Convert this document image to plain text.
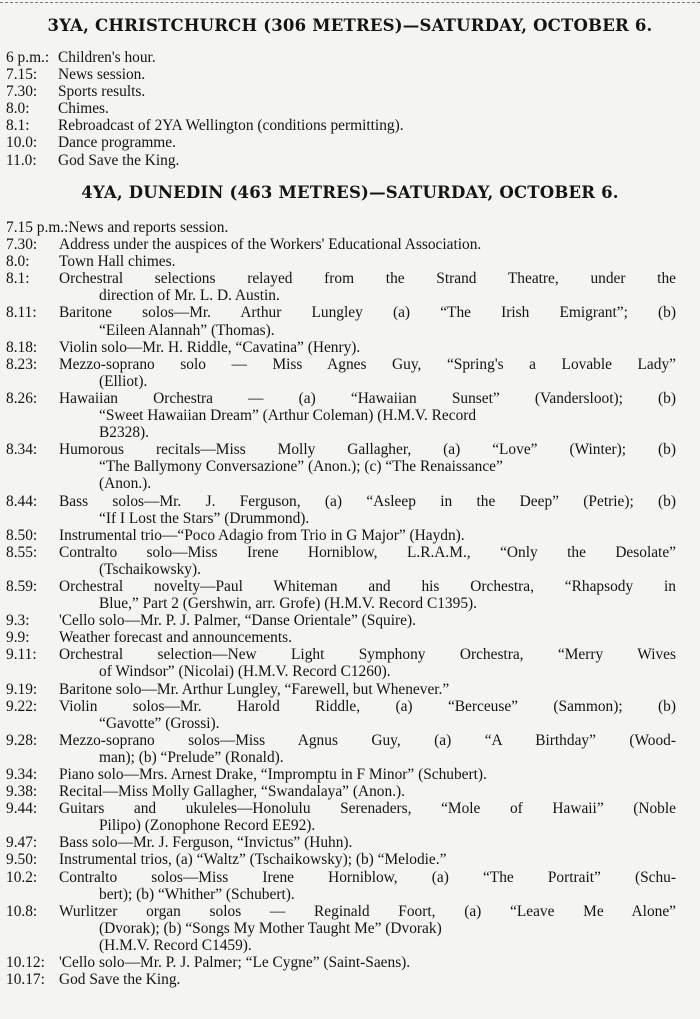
3YA, CHRISTCHURCH (306 METRES)—SATURDAY, OCTOBER 6.
6 p.m.: Children's hour.
7.15:	News session.
7.30:	Sports results.
8.0:	Chimes.
8.1:	Rebroadcast of 2YA Wellington (conditions permitting).
10.0:	Dance programme.
11.0:	God Save the King.
4YA, DUNEDIN (463 METRES)—SATURDAY, OCTOBER 6.
7.15 p.m.: News and reports session.
7.30:	Address under the auspices of the Workers' Educational Association.
8.0:	Town Hall chimes.
8.1:	Orchestral selections relayed from the Strand Theatre, under the
direction of Mr. L. D. Austin.
8.11:	Baritone solos—Mr. Arthur Lungley (a) “The Irish Emigrant”; (b)
“Eileen Alannah” (Thomas).
8.18:	Violin solo—Mr. H. Riddle, “Cavatina” (Henry).
8.23:	Mezzo-soprano solo — Miss Agnes Guy, “Spring's a Lovable Lady”
(Elliot).
8.26:	Hawaiian Orchestra — (a) “Hawaiian Sunset” (Vandersloot); (b)
“Sweet Hawaiian Dream” (Arthur Coleman) (H.M.V. Record
B2328).
8.34:	Humorous recitals—Miss Molly Gallagher, (a) “Love” (Winter); (b)
“The Ballymony Conversazione” (Anon.); (c) “The Renaissance”
(Anon.).
8.44:	Bass solos—Mr. J. Ferguson, (a) “Asleep in the Deep” (Petrie); (b)
“If I Lost the Stars” (Drummond).
8.50:	Instrumental trio—“Poco Adagio from Trio in G Major” (Haydn).
8.55:	Contralto solo—Miss Irene Horniblow, L.R.A.M., “Only the Desolate”
(Tschaikowsky).
8.59:	Orchestral novelty—Paul Whiteman and his Orchestra, “Rhapsody in
Blue,” Part 2 (Gershwin, arr. Grofe) (H.M.V. Record C1395).
9.3:	'Cello solo—Mr. P. J. Palmer, “Danse Orientale” (Squire).
9.9:	Weather forecast and announcements.
9.11:	Orchestral selection—New Light Symphony Orchestra, “Merry Wives
of Windsor” (Nicolai) (H.M.V. Record C1260).
9.19:	Baritone solo—Mr. Arthur Lungley, “Farewell, but Whenever.”
9.22:	Violin solos—Mr. Harold Riddle, (a) “Berceuse” (Sammon); (b)
“Gavotte” (Grossi).
9.28:	Mezzo-soprano solos—Miss Agnus Guy, (a) “A Birthday” (Wood-
man); (b) “Prelude” (Ronald).
9.34:	Piano solo—Mrs. Arnest Drake, “Impromptu in F Minor” (Schubert).
9.38:	Recital—Miss Molly Gallagher, “Swandalaya” (Anon.).
9.44:	Guitars and ukuleles—Honolulu Serenaders, “Mole of Hawaii” (Noble
Pilipo) (Zonophone Record EE92).
9.47:	Bass solo—Mr. J. Ferguson, “Invictus” (Huhn).
9.50:	Instrumental trios, (a) “Waltz” (Tschaikowsky); (b) “Melodie.”
10.2:	Contralto solos—Miss Irene Horniblow, (a) “The Portrait” (Schu-
bert); (b) “Whither” (Schubert).
10.8:	Wurlitzer organ solos — Reginald Foort, (a) “Leave Me Alone”
(Dvorak); (b) “Songs My Mother Taught Me” (Dvorak)
(H.M.V. Record C1459).
10.12: 'Cello solo—Mr. P. J. Palmer; “Le Cygne” (Saint-Saens).
10.17: God Save the King.
